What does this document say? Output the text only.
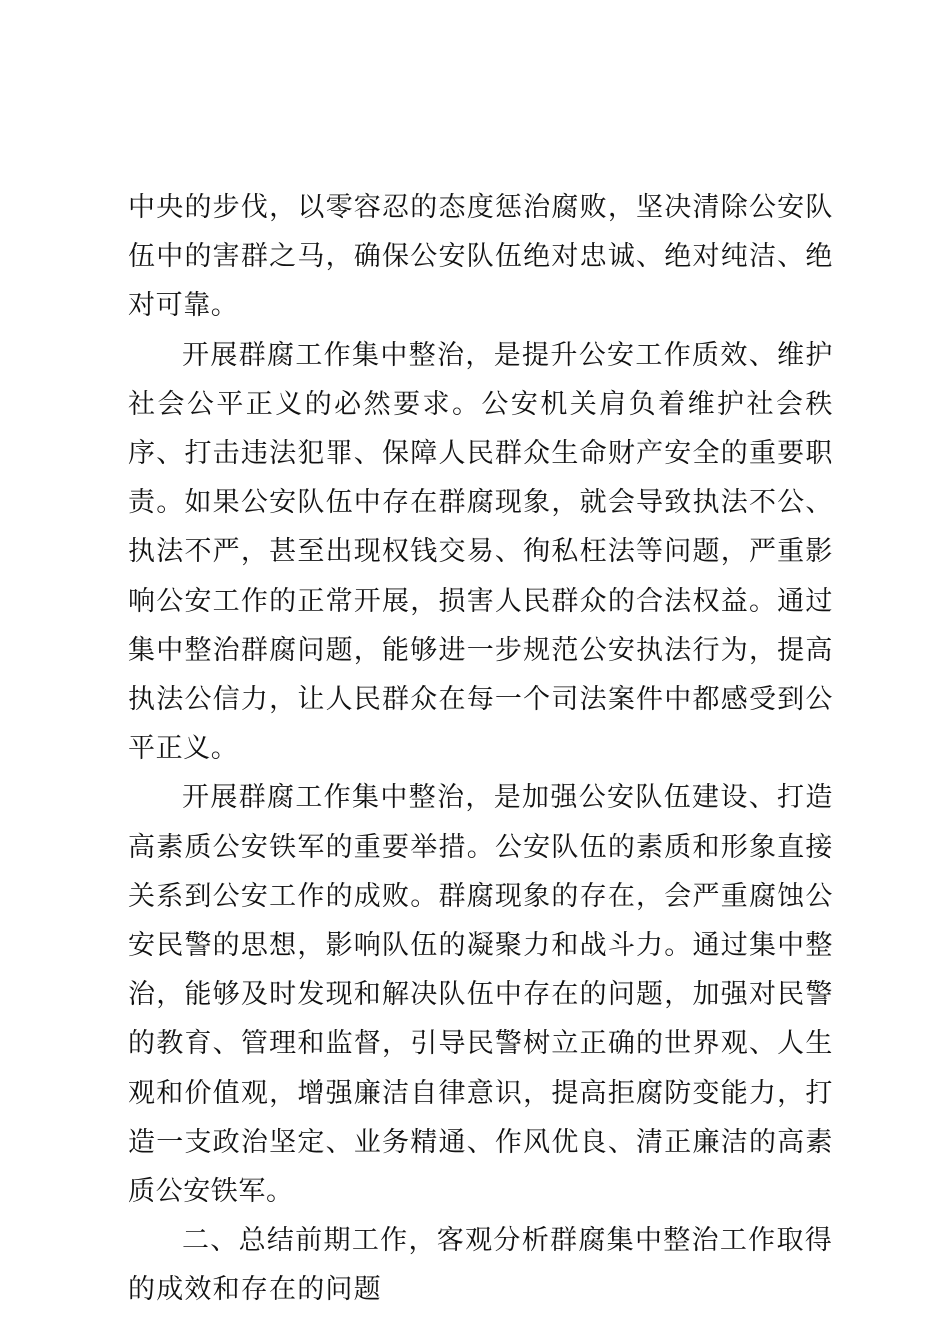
中央的步伐，以零容忍的态度惩治腐败，坚决清除公安队伍中的害群之马，确保公安队伍绝对忠诚、绝对纯洁、绝对可靠。

开展群腐工作集中整治，是提升公安工作质效、维护社会公平正义的必然要求。公安机关肩负着维护社会秩序、打击违法犯罪、保障人民群众生命财产安全的重要职责。如果公安队伍中存在群腐现象，就会导致执法不公、执法不严，甚至出现权钱交易、徇私枉法等问题，严重影响公安工作的正常开展，损害人民群众的合法权益。通过集中整治群腐问题，能够进一步规范公安执法行为，提高执法公信力，让人民群众在每一个司法案件中都感受到公平正义。

开展群腐工作集中整治，是加强公安队伍建设、打造高素质公安铁军的重要举措。公安队伍的素质和形象直接关系到公安工作的成败。群腐现象的存在，会严重腐蚀公安民警的思想，影响队伍的凝聚力和战斗力。通过集中整治，能够及时发现和解决队伍中存在的问题，加强对民警的教育、管理和监督，引导民警树立正确的世界观、人生观和价值观，增强廉洁自律意识，提高拒腐防变能力，打造一支政治坚定、业务精通、作风优良、清正廉洁的高素质公安铁军。

二、总结前期工作，客观分析群腐集中整治工作取得的成效和存在的问题
